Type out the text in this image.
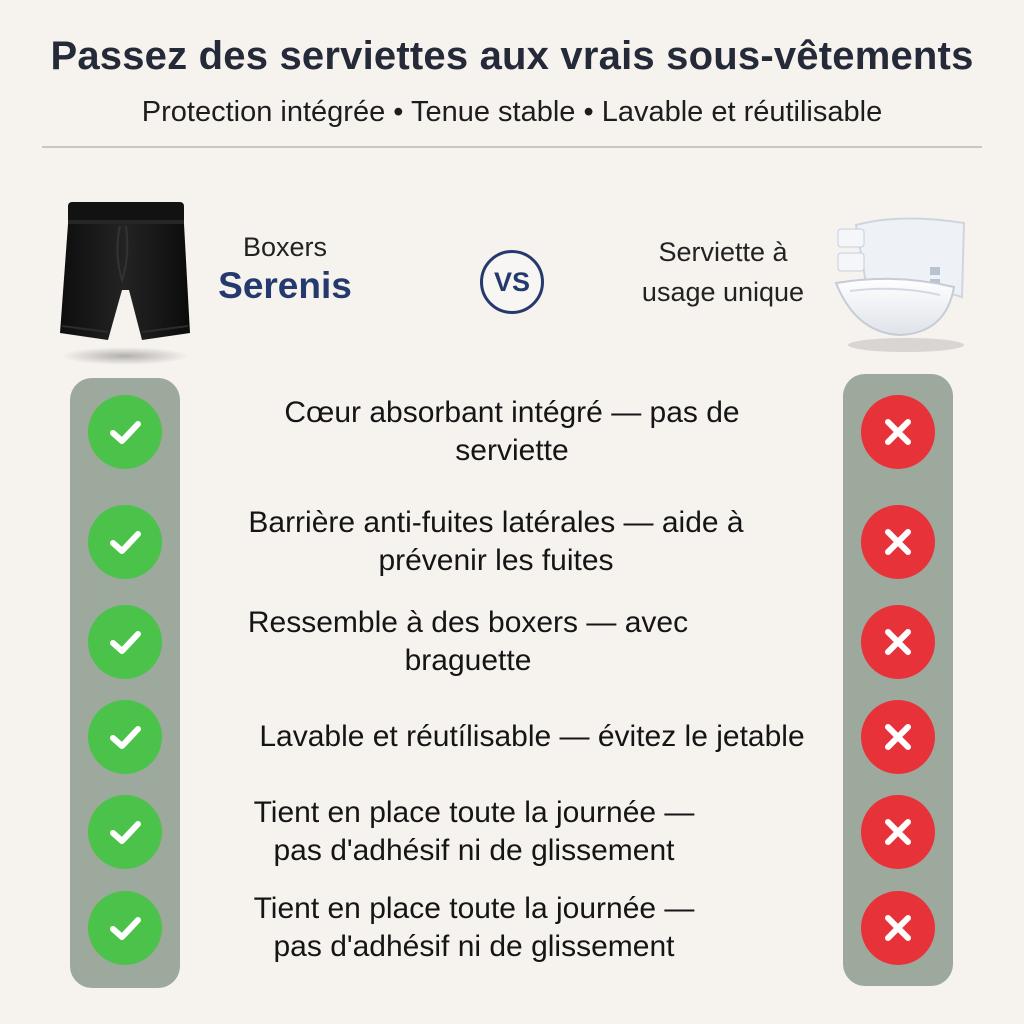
Passez des serviettes aux vrais sous-vêtements
Protection intégrée • Tenue stable • Lavable et réutilisable
Boxers
Serenis	VS
Serviette à
usage unique
Cœur absorbant intégré — pas de
serviette
Barrière anti-fuites latérales — aide à
prévenir les fuites
Ressemble à des boxers — avec
braguette
Lavable et réutílisable — évitez le jetable
Tient en place toute la journée —
pas d'adhésif ni de glissement
Tient en place toute la journée —
pas d'adhésif ni de glissement
